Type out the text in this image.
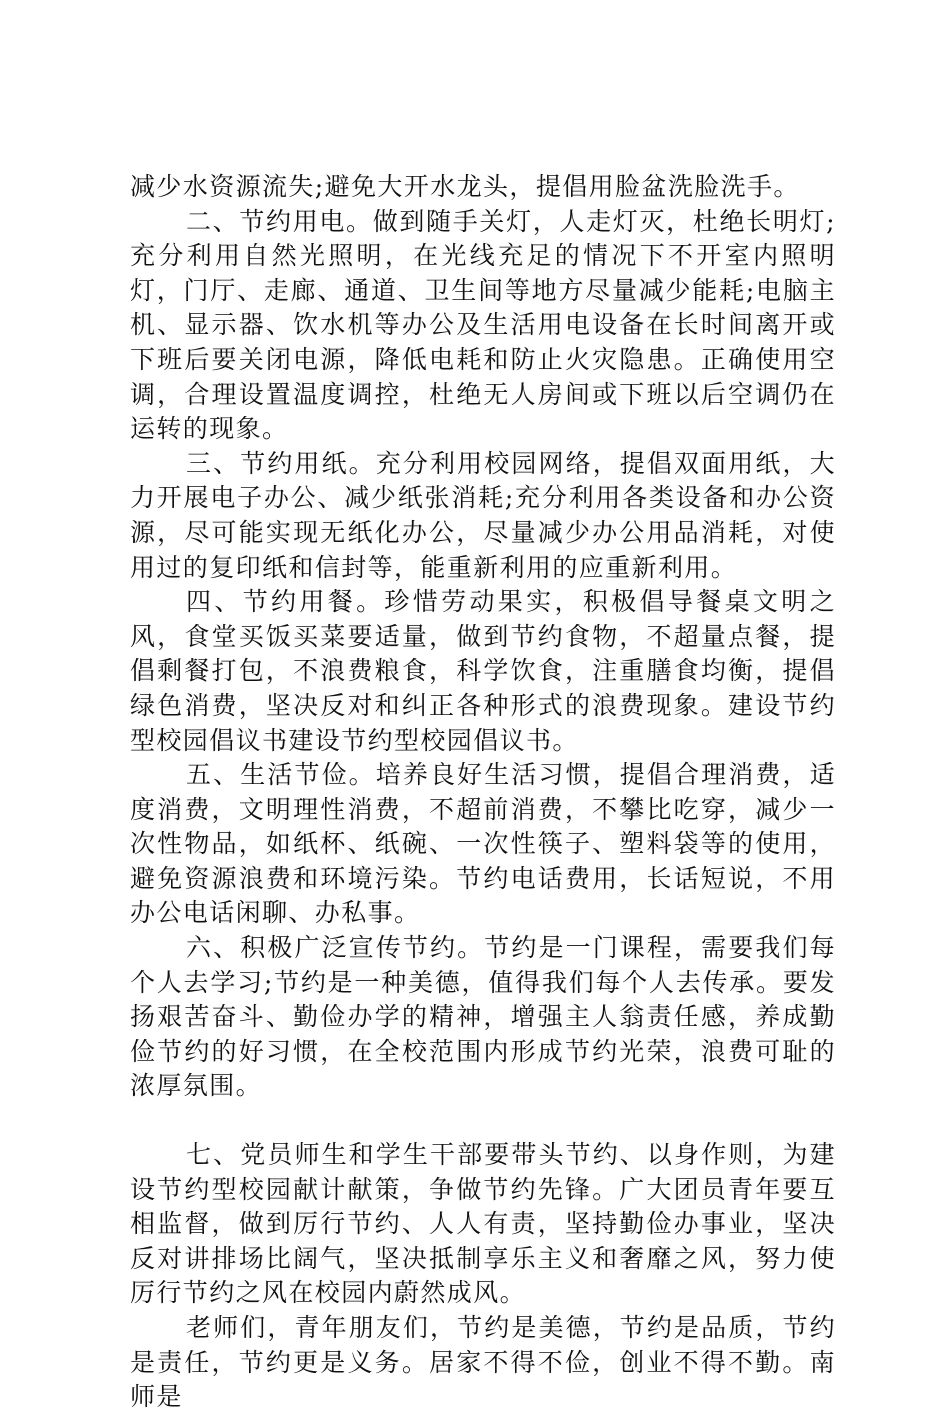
减少水资源流失;避免大开水龙头，提倡用脸盆洗脸洗手。

二、节约用电。做到随手关灯，人走灯灭，杜绝长明灯;充分利用自然光照明，在光线充足的情况下不开室内照明灯，门厅、走廊、通道、卫生间等地方尽量减少能耗;电脑主机、显示器、饮水机等办公及生活用电设备在长时间离开或下班后要关闭电源，降低电耗和防止火灾隐患。正确使用空调，合理设置温度调控，杜绝无人房间或下班以后空调仍在运转的现象。

三、节约用纸。充分利用校园网络，提倡双面用纸，大力开展电子办公、减少纸张消耗;充分利用各类设备和办公资源，尽可能实现无纸化办公，尽量减少办公用品消耗，对使用过的复印纸和信封等，能重新利用的应重新利用。

四、节约用餐。珍惜劳动果实，积极倡导餐桌文明之风，食堂买饭买菜要适量，做到节约食物，不超量点餐，提倡剩餐打包，不浪费粮食，科学饮食，注重膳食均衡，提倡绿色消费，坚决反对和纠正各种形式的浪费现象。建设节约型校园倡议书建设节约型校园倡议书。

五、生活节俭。培养良好生活习惯，提倡合理消费，适度消费，文明理性消费，不超前消费，不攀比吃穿，减少一次性物品，如纸杯、纸碗、一次性筷子、塑料袋等的使用，避免资源浪费和环境污染。节约电话费用，长话短说，不用办公电话闲聊、办私事。

六、积极广泛宣传节约。节约是一门课程，需要我们每个人去学习;节约是一种美德，值得我们每个人去传承。要发扬艰苦奋斗、勤俭办学的精神，增强主人翁责任感，养成勤俭节约的好习惯，在全校范围内形成节约光荣，浪费可耻的浓厚氛围。

七、党员师生和学生干部要带头节约、以身作则，为建设节约型校园献计献策，争做节约先锋。广大团员青年要互相监督，做到厉行节约、人人有责，坚持勤俭办事业，坚决反对讲排场比阔气，坚决抵制享乐主义和奢靡之风，努力使厉行节约之风在校园内蔚然成风。

老师们，青年朋友们，节约是美德，节约是品质，节约是责任，节约更是义务。居家不得不俭，创业不得不勤。南师是
